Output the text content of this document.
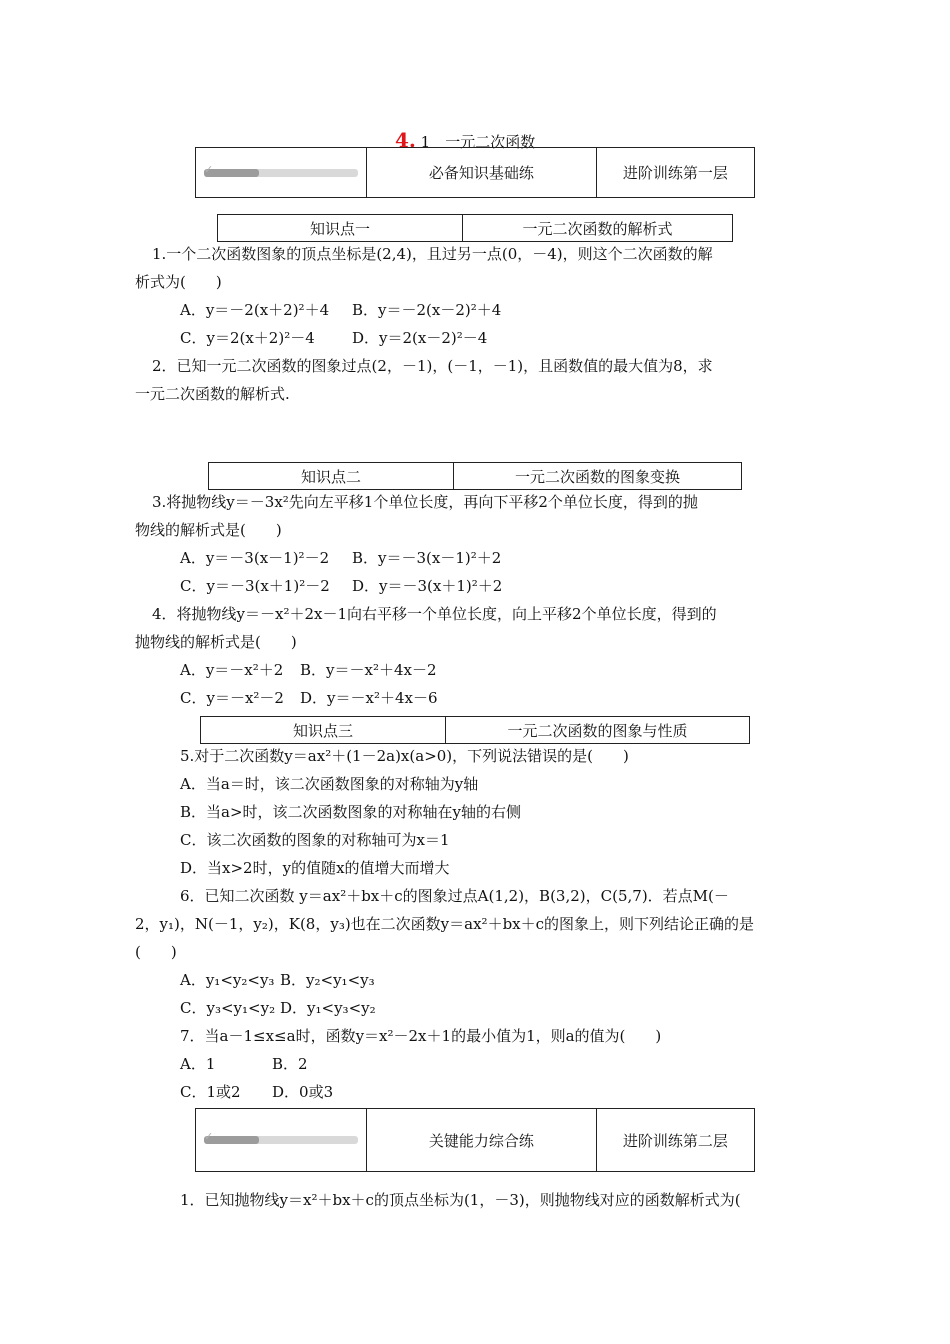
4. 1　一元二次函数
✓	必备知识基础练	进阶训练第一层
知识点一	一元二次函数的解析式
1.一个二次函数图象的顶点坐标是(2,4)，且过另一点(0，－4)，则这个二次函数的解
析式为(　　)
A．y＝－2(x＋2)²＋4 B．y＝－2(x－2)²＋4
C．y＝2(x＋2)²－4 D．y＝2(x－2)²－4
2．已知一元二次函数的图象过点(2，－1)，(－1，－1)，且函数值的最大值为8，求
一元二次函数的解析式.
知识点二	一元二次函数的图象变换
3.将抛物线y＝－3x²先向左平移1个单位长度，再向下平移2个单位长度，得到的抛
物线的解析式是(　　)
A．y＝－3(x－1)²－2 B．y＝－3(x－1)²＋2
C．y＝－3(x＋1)²－2 D．y＝－3(x＋1)²＋2
4．将抛物线y＝－x²＋2x－1向右平移一个单位长度，向上平移2个单位长度，得到的
抛物线的解析式是(　　)
A．y＝－x²＋2 B．y＝－x²＋4x－2
C．y＝－x²－2 D．y＝－x²＋4x－6
知识点三	一元二次函数的图象与性质
5.对于二次函数y＝ax²＋(1－2a)x(a>0)，下列说法错误的是(　　)
A．当a＝时，该二次函数图象的对称轴为y轴
B．当a>时，该二次函数图象的对称轴在y轴的右侧
C．该二次函数的图象的对称轴可为x＝1
D．当x>2时，y的值随x的值增大而增大
6．已知二次函数 y＝ax²＋bx＋c的图象过点A(1,2)，B(3,2)，C(5,7)．若点M(－
2，y₁)，N(－1，y₂)，K(8，y₃)也在二次函数y＝ax²＋bx＋c的图象上，则下列结论正确的是
(　　)
A．y₁<y₂<y₃ B．y₂<y₁<y₃
C．y₃<y₁<y₂ D．y₁<y₃<y₂
7．当a－1≤x≤a时，函数y＝x²－2x＋1的最小值为1，则a的值为(　　)
A．1	B．2
C．1或2 D．0或3
✓	关键能力综合练	进阶训练第二层
1．已知抛物线y＝x²＋bx＋c的顶点坐标为(1，－3)，则抛物线对应的函数解析式为(
